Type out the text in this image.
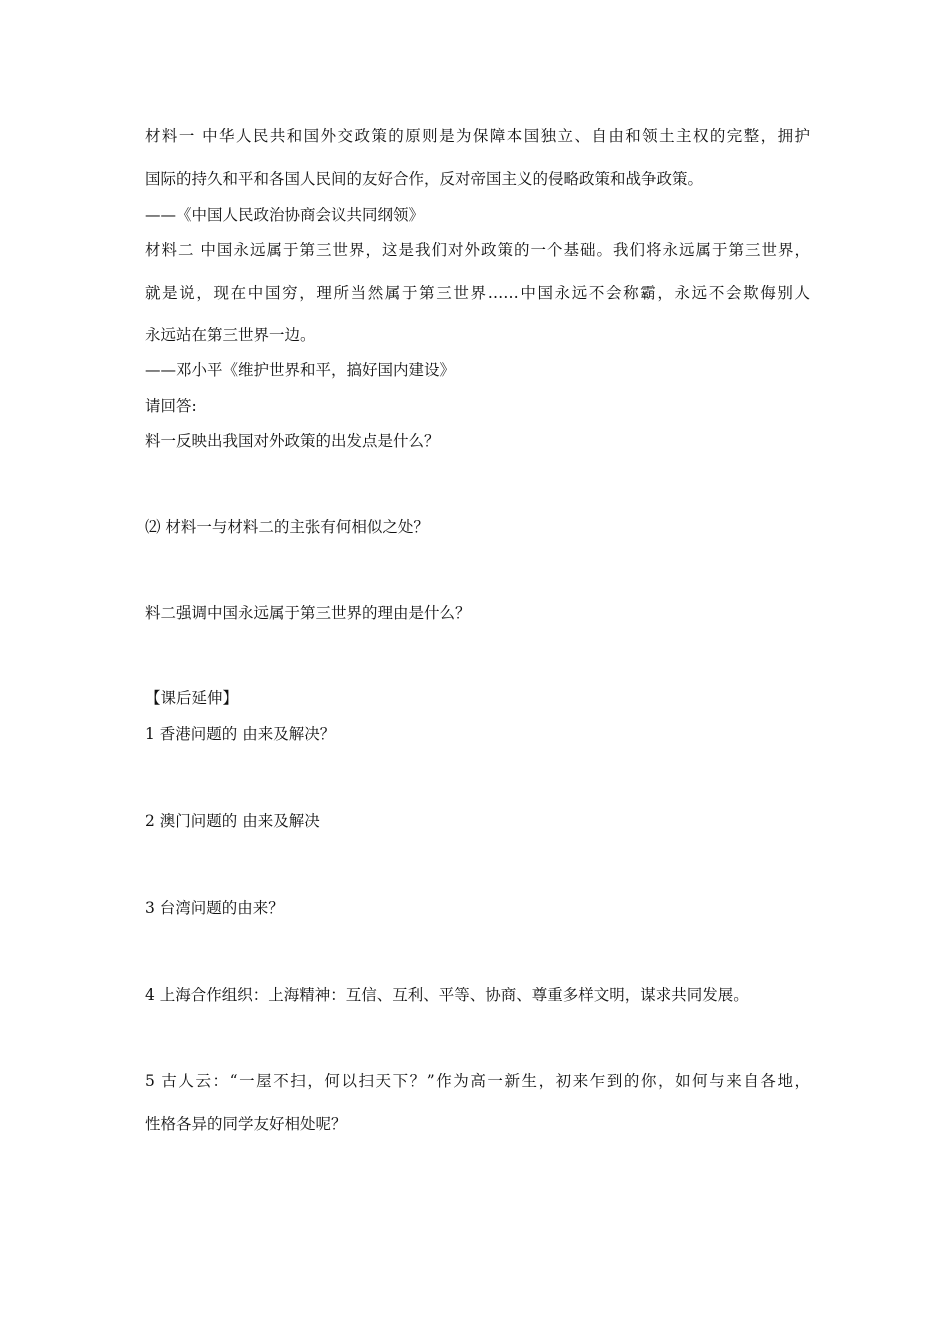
材料一 中华人民共和国外交政策的原则是为保障本国独立、自由和领土主权的完整，拥护
国际的持久和平和各国人民间的友好合作，反对帝国主义的侵略政策和战争政策。
——《中国人民政治协商会议共同纲领》
材料二 中国永远属于第三世界，这是我们对外政策的一个基础。我们将永远属于第三世界，
就是说，现在中国穷，理所当然属于第三世界……中国永远不会称霸，永远不会欺侮别人
永远站在第三世界一边。
——邓小平《维护世界和平，搞好国内建设》
请回答:
料一反映出我国对外政策的出发点是什么？
⑵ 材料一与材料二的主张有何相似之处？
料二强调中国永远属于第三世界的理由是什么？
【课后延伸】
1 香港问题的 由来及解决？
2 澳门问题的 由来及解决
3 台湾问题的由来？
4 上海合作组织：上海精神：互信、互利、平等、协商、尊重多样文明，谋求共同发展。
5 古人云：“一屋不扫，何以扫天下？”作为高一新生，初来乍到的你，如何与来自各地，
性格各异的同学友好相处呢？
